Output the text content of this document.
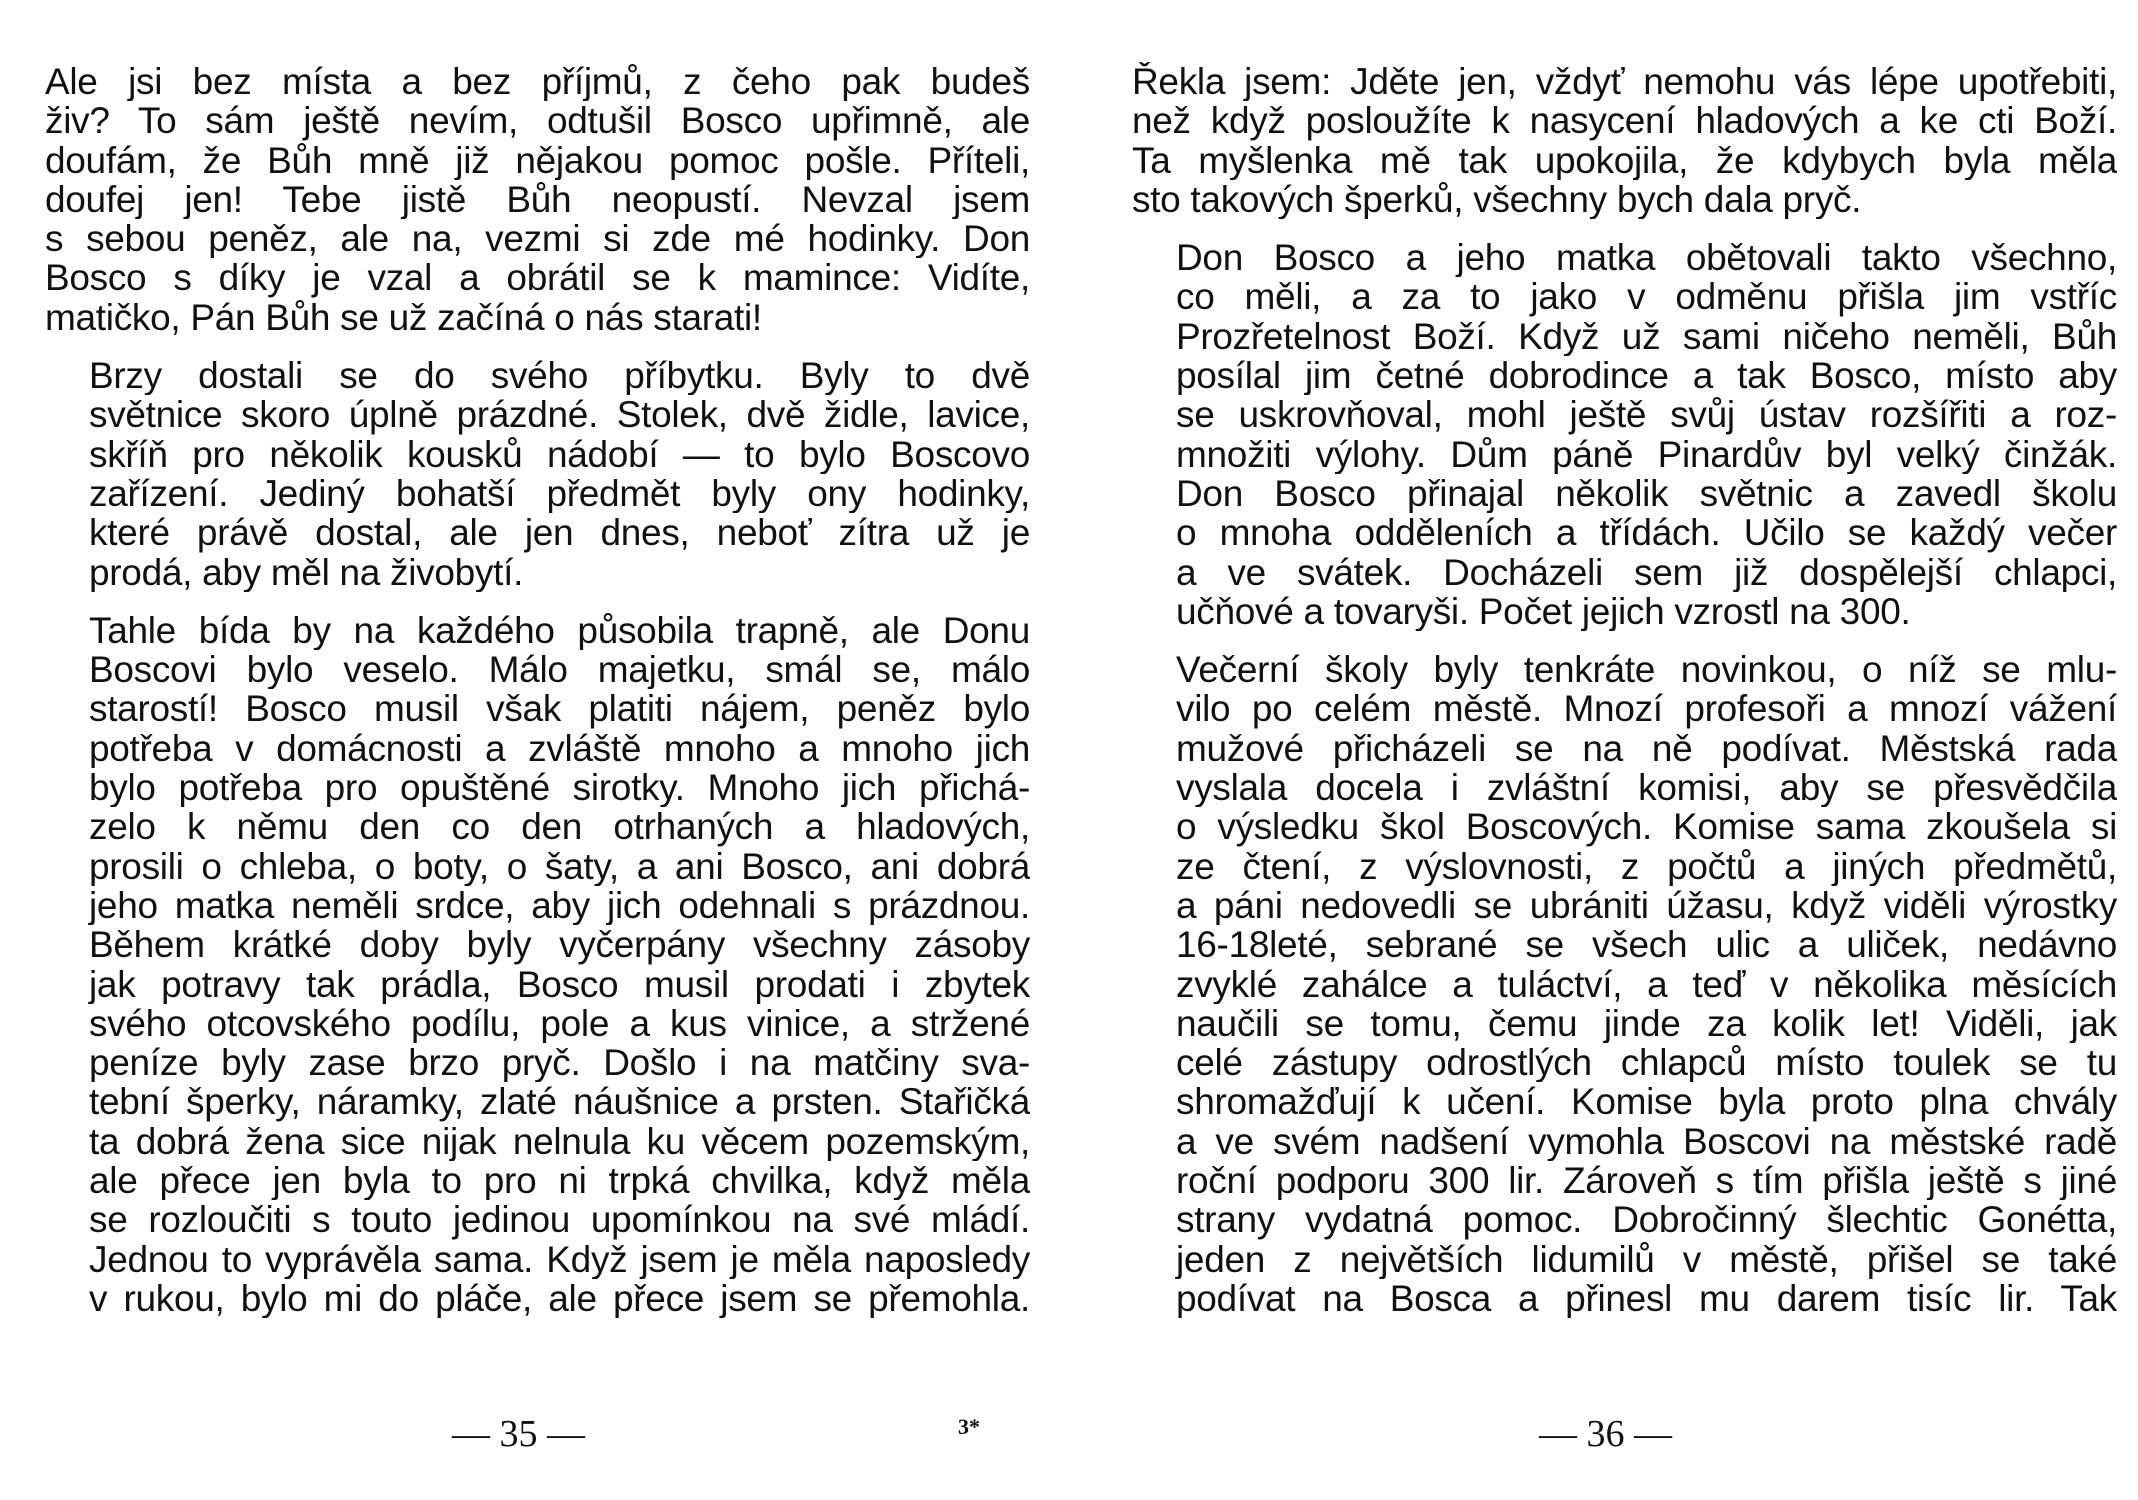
Ale jsi bez místa a bez příjmů, z čeho pak budeš
živ? To sám ještě nevím, odtušil Bosco upřimně, ale
doufám, že Bůh mně již nějakou pomoc pošle. Příteli,
doufej jen! Tebe jistě Bůh neopustí. Nevzal jsem
s sebou peněz, ale na, vezmi si zde mé hodinky. Don
Bosco s díky je vzal a obrátil se k mamince: Vidíte,
matičko, Pán Bůh se už začíná o nás starati!

Brzy dostali se do svého příbytku. Byly to dvě
světnice skoro úplně prázdné. Stolek, dvě židle, lavice,
skříň pro několik kousků nádobí — to bylo Boscovo
zařízení. Jediný bohatší předmět byly ony hodinky,
které právě dostal, ale jen dnes, neboť zítra už je
prodá, aby měl na živobytí.

Tahle bída by na každého působila trapně, ale Donu
Boscovi bylo veselo. Málo majetku, smál se, málo
starostí! Bosco musil však platiti nájem, peněz bylo
potřeba v domácnosti a zvláště mnoho a mnoho jich
bylo potřeba pro opuštěné sirotky. Mnoho jich přichá-
zelo k němu den co den otrhaných a hladových,
prosili o chleba, o boty, o šaty, a ani Bosco, ani dobrá
jeho matka neměli srdce, aby jich odehnali s prázdnou.
Během krátké doby byly vyčerpány všechny zásoby
jak potravy tak prádla, Bosco musil prodati i zbytek
svého otcovského podílu, pole a kus vinice, a stržené
peníze byly zase brzo pryč. Došlo i na matčiny sva-
tební šperky, náramky, zlaté náušnice a prsten. Stařičká
ta dobrá žena sice nijak nelnula ku věcem pozemským,
ale přece jen byla to pro ni trpká chvilka, když měla
se rozloučiti s touto jedinou upomínkou na své mládí.
Jednou to vyprávěla sama. Když jsem je měla naposledy
v rukou, bylo mi do pláče, ale přece jsem se přemohla.

— 35 —	3*

Řekla jsem: Jděte jen, vždyť nemohu vás lépe upotřebiti,
než když posloužíte k nasycení hladových a ke cti Boží.
Ta myšlenka mě tak upokojila, že kdybych byla měla
sto takových šperků, všechny bych dala pryč.

Don Bosco a jeho matka obětovali takto všechno,
co měli, a za to jako v odměnu přišla jim vstříc
Prozřetelnost Boží. Když už sami ničeho neměli, Bůh
posílal jim četné dobrodince a tak Bosco, místo aby
se uskrovňoval, mohl ještě svůj ústav rozšířiti a roz-
množiti výlohy. Dům páně Pinardův byl velký činžák.
Don Bosco přinajal několik světnic a zavedl školu
o mnoha odděleních a třídách. Učilo se každý večer
a ve svátek. Docházeli sem již dospělejší chlapci,
učňové a tovaryši. Počet jejich vzrostl na 300.

Večerní školy byly tenkráte novinkou, o níž se mlu-
vilo po celém městě. Mnozí profesoři a mnozí vážení
mužové přicházeli se na ně podívat. Městská rada
vyslala docela i zvláštní komisi, aby se přesvědčila
o výsledku škol Boscových. Komise sama zkoušela si
ze čtení, z výslovnosti, z počtů a jiných předmětů,
a páni nedovedli se ubrániti úžasu, když viděli výrostky
16-18leté, sebrané se všech ulic a uliček, nedávno
zvyklé zahálce a tuláctví, a teď v několika měsících
naučili se tomu, čemu jinde za kolik let! Viděli, jak
celé zástupy odrostlých chlapců místo toulek se tu
shromažďují k učení. Komise byla proto plna chvály
a ve svém nadšení vymohla Boscovi na městské radě
roční podporu 300 lir. Zároveň s tím přišla ještě s jiné
strany vydatná pomoc. Dobročinný šlechtic Gonétta,
jeden z největších lidumilů v městě, přišel se také
podívat na Bosca a přinesl mu darem tisíc lir. Tak

— 36 —
